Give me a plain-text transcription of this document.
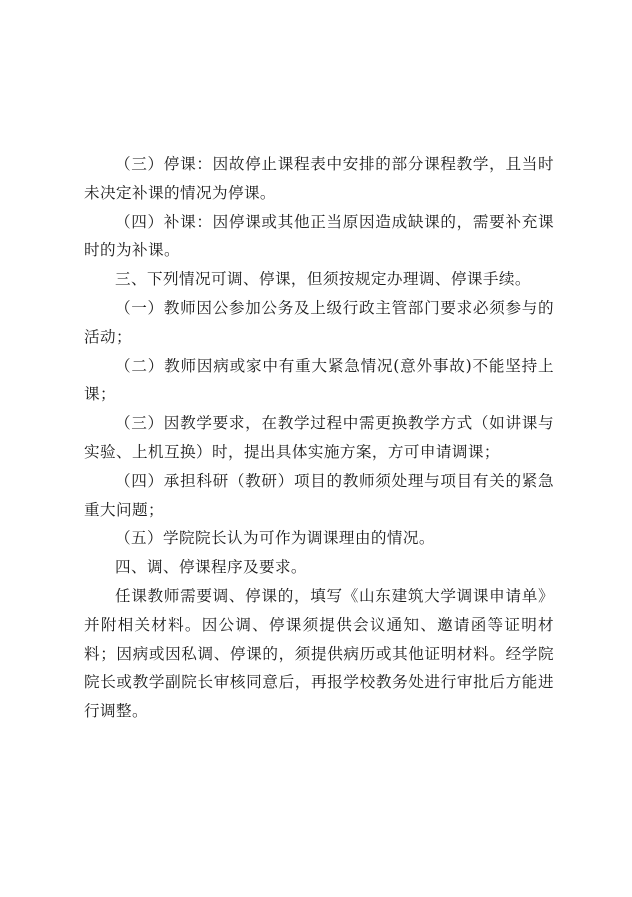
（三）停课：因故停止课程表中安排的部分课程教学，且当时未决定补课的情况为停课。

（四）补课：因停课或其他正当原因造成缺课的，需要补充课时的为补课。

三、下列情况可调、停课，但须按规定办理调、停课手续。

（一）教师因公参加公务及上级行政主管部门要求必须参与的活动；

（二）教师因病或家中有重大紧急情况(意外事故)不能坚持上课；

（三）因教学要求，在教学过程中需更换教学方式（如讲课与实验、上机互换）时，提出具体实施方案，方可申请调课；

（四）承担科研（教研）项目的教师须处理与项目有关的紧急重大问题；

（五）学院院长认为可作为调课理由的情况。

四、调、停课程序及要求。

任课教师需要调、停课的，填写《山东建筑大学调课申请单》并附相关材料。因公调、停课须提供会议通知、邀请函等证明材料；因病或因私调、停课的，须提供病历或其他证明材料。经学院院长或教学副院长审核同意后，再报学校教务处进行审批后方能进行调整。
